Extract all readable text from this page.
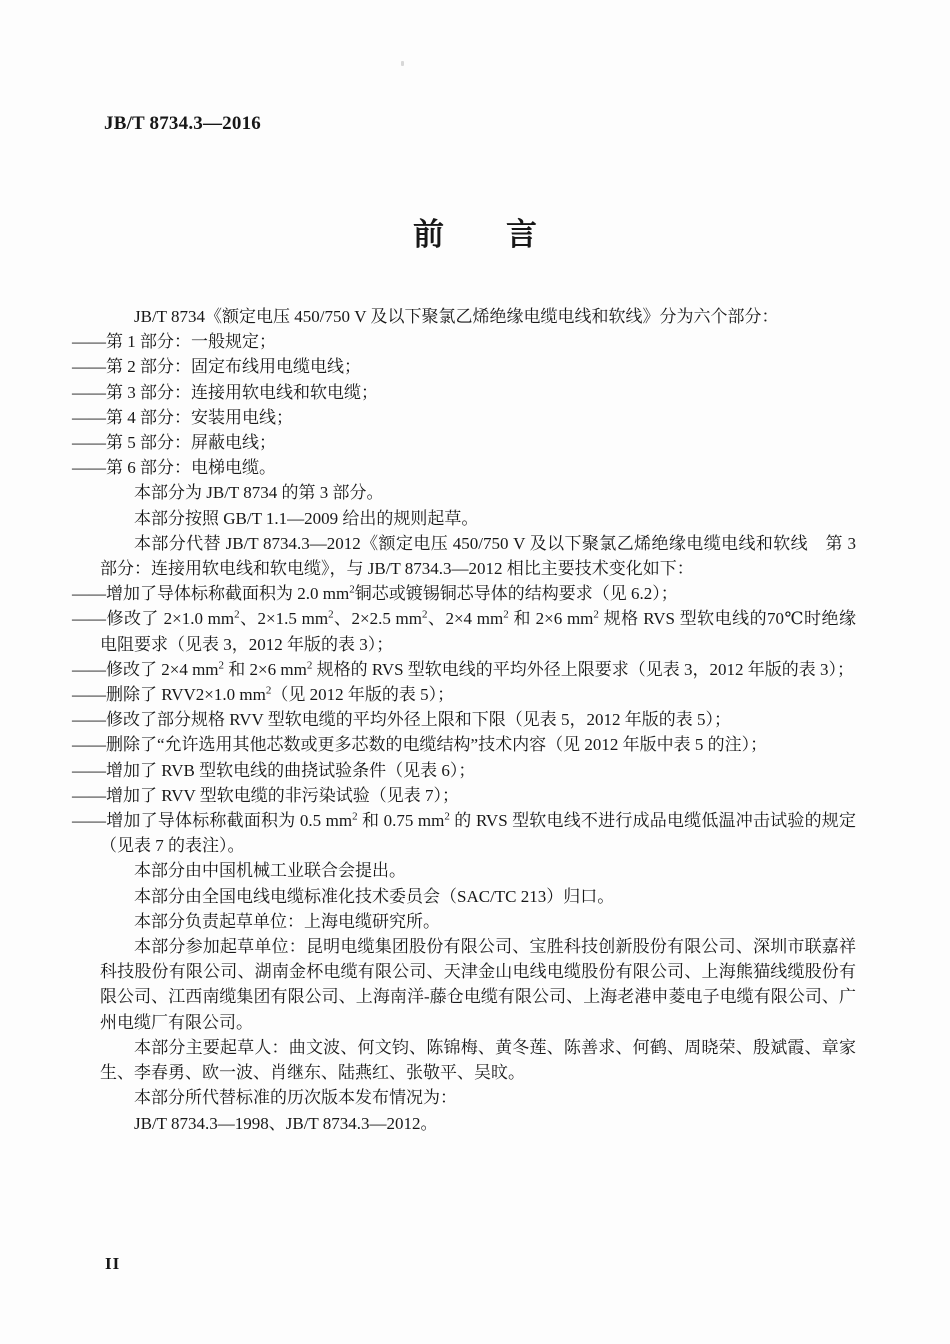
JB/T 8734.3—2016
前　　言

JB/T 8734《额定电压 450/750 V 及以下聚氯乙烯绝缘电缆电线和软线》分为六个部分：

——第 1 部分：一般规定；

——第 2 部分：固定布线用电缆电线；

——第 3 部分：连接用软电线和软电缆；

——第 4 部分：安装用电线；

——第 5 部分：屏蔽电线；

——第 6 部分：电梯电缆。

本部分为 JB/T 8734 的第 3 部分。

本部分按照 GB/T 1.1—2009 给出的规则起草。

本部分代替 JB/T 8734.3—2012《额定电压 450/750 V 及以下聚氯乙烯绝缘电缆电线和软线　第 3 部分：连接用软电线和软电缆》，与 JB/T 8734.3—2012 相比主要技术变化如下：

——增加了导体标称截面积为 2.0 $mm^2$铜芯或镀锡铜芯导体的结构要求（见 6.2）；

——修改了 2×1.0 $mm^2$、2×1.5 $mm^2$、2×2.5 $mm^2$、2×4 $mm^2$ 和 2×6 $mm^2$ 规格 RVS 型软电线的70℃时绝缘电阻要求（见表 3，2012 年版的表 3）；

——修改了 2×4 $mm^2$ 和 2×6 $mm^2$ 规格的 RVS 型软电线的平均外径上限要求（见表 3，2012 年版的表 3）；

——删除了 RVV2×1.0 $mm^2$（见 2012 年版的表 5）；

——修改了部分规格 RVV 型软电缆的平均外径上限和下限（见表 5，2012 年版的表 5）；

——删除了“允许选用其他芯数或更多芯数的电缆结构”技术内容（见 2012 年版中表 5 的注）；

——增加了 RVB 型软电线的曲挠试验条件（见表 6）；

——增加了 RVV 型软电缆的非污染试验（见表 7）；

——增加了导体标称截面积为 0.5 $mm^2$ 和 0.75 $mm^2$ 的 RVS 型软电线不进行成品电缆低温冲击试验的规定（见表 7 的表注）。

本部分由中国机械工业联合会提出。

本部分由全国电线电缆标准化技术委员会（SAC/TC 213）归口。

本部分负责起草单位：上海电缆研究所。

本部分参加起草单位：昆明电缆集团股份有限公司、宝胜科技创新股份有限公司、深圳市联嘉祥科技股份有限公司、湖南金杯电缆有限公司、天津金山电线电缆股份有限公司、上海熊猫线缆股份有限公司、江西南缆集团有限公司、上海南洋-藤仓电缆有限公司、上海老港申菱电子电缆有限公司、广州电缆厂有限公司。

本部分主要起草人：曲文波、何文钧、陈锦梅、黄冬莲、陈善求、何鹤、周晓荣、殷斌霞、章家生、李春勇、欧一波、肖继东、陆燕红、张敬平、吴旼。

本部分所代替标准的历次版本发布情况为：

JB/T 8734.3—1998、JB/T 8734.3—2012。

II
